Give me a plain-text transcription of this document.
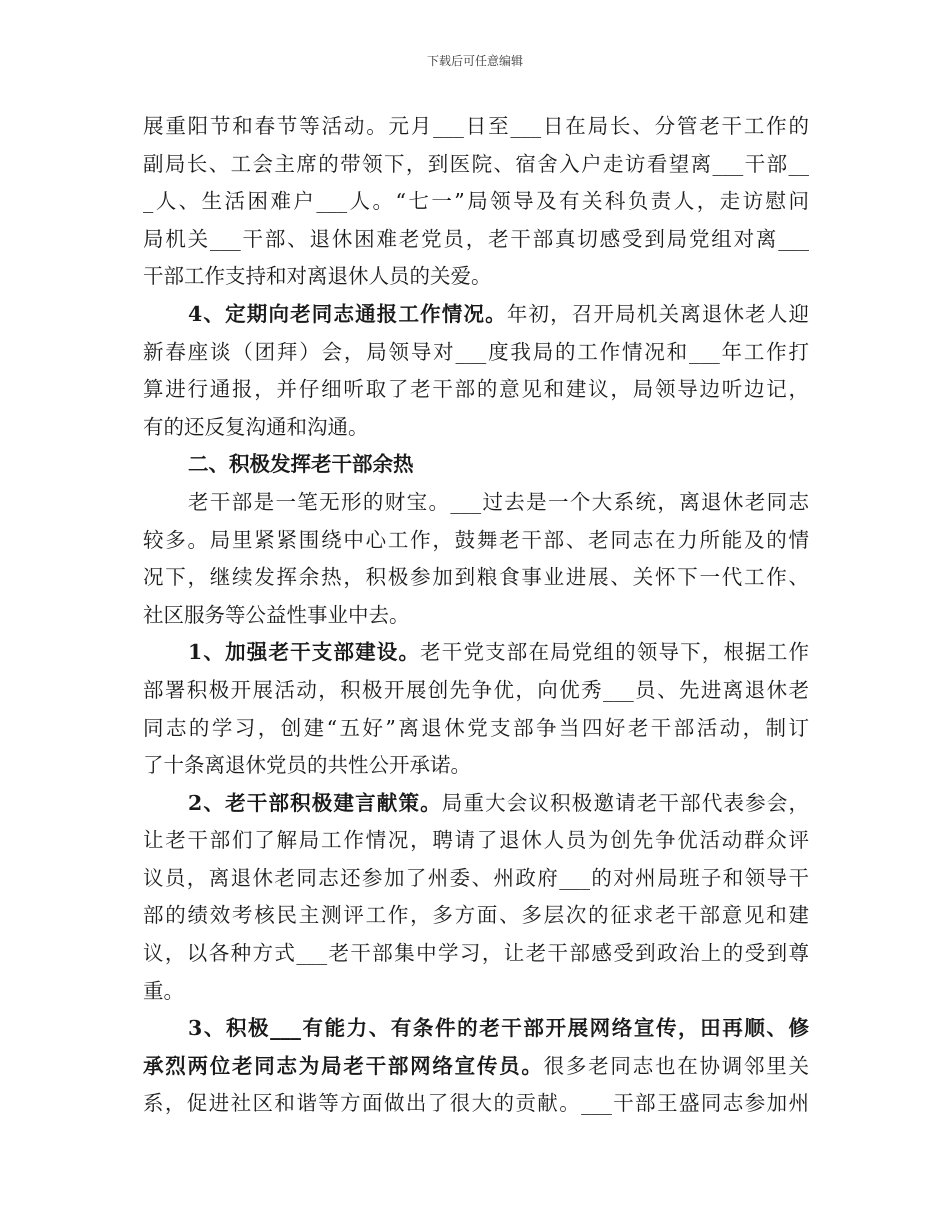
下载后可任意编辑
展重阳节和春节等活动。元月___日至___日在局长、分管老干工作的
副局长、工会主席的带领下，到医院、宿舍入户走访看望离___干部__
_人、生活困难户___人。“七一”局领导及有关科负责人，走访慰问
局机关___干部、退休困难老党员，老干部真切感受到局党组对离___
干部工作支持和对离退休人员的关爱。
4、定期向老同志通报工作情况。年初，召开局机关离退休老人迎
新春座谈（团拜）会，局领导对___度我局的工作情况和___年工作打
算进行通报，并仔细听取了老干部的意见和建议，局领导边听边记，
有的还反复沟通和沟通。
二、积极发挥老干部余热
老干部是一笔无形的财宝。___过去是一个大系统，离退休老同志
较多。局里紧紧围绕中心工作，鼓舞老干部、老同志在力所能及的情
况下，继续发挥余热，积极参加到粮食事业进展、关怀下一代工作、
社区服务等公益性事业中去。
1、加强老干支部建设。老干党支部在局党组的领导下，根据工作
部署积极开展活动，积极开展创先争优，向优秀___员、先进离退休老
同志的学习，创建“五好”离退休党支部争当四好老干部活动，制订
了十条离退休党员的共性公开承诺。
2、老干部积极建言献策。局重大会议积极邀请老干部代表参会，
让老干部们了解局工作情况，聘请了退休人员为创先争优活动群众评
议员，离退休老同志还参加了州委、州政府___的对州局班子和领导干
部的绩效考核民主测评工作，多方面、多层次的征求老干部意见和建
议，以各种方式___老干部集中学习，让老干部感受到政治上的受到尊
重。
3、积极___有能力、有条件的老干部开展网络宣传，田再顺、修
承烈两位老同志为局老干部网络宣传员。很多老同志也在协调邻里关
系，促进社区和谐等方面做出了很大的贡献。___干部王盛同志参加州
